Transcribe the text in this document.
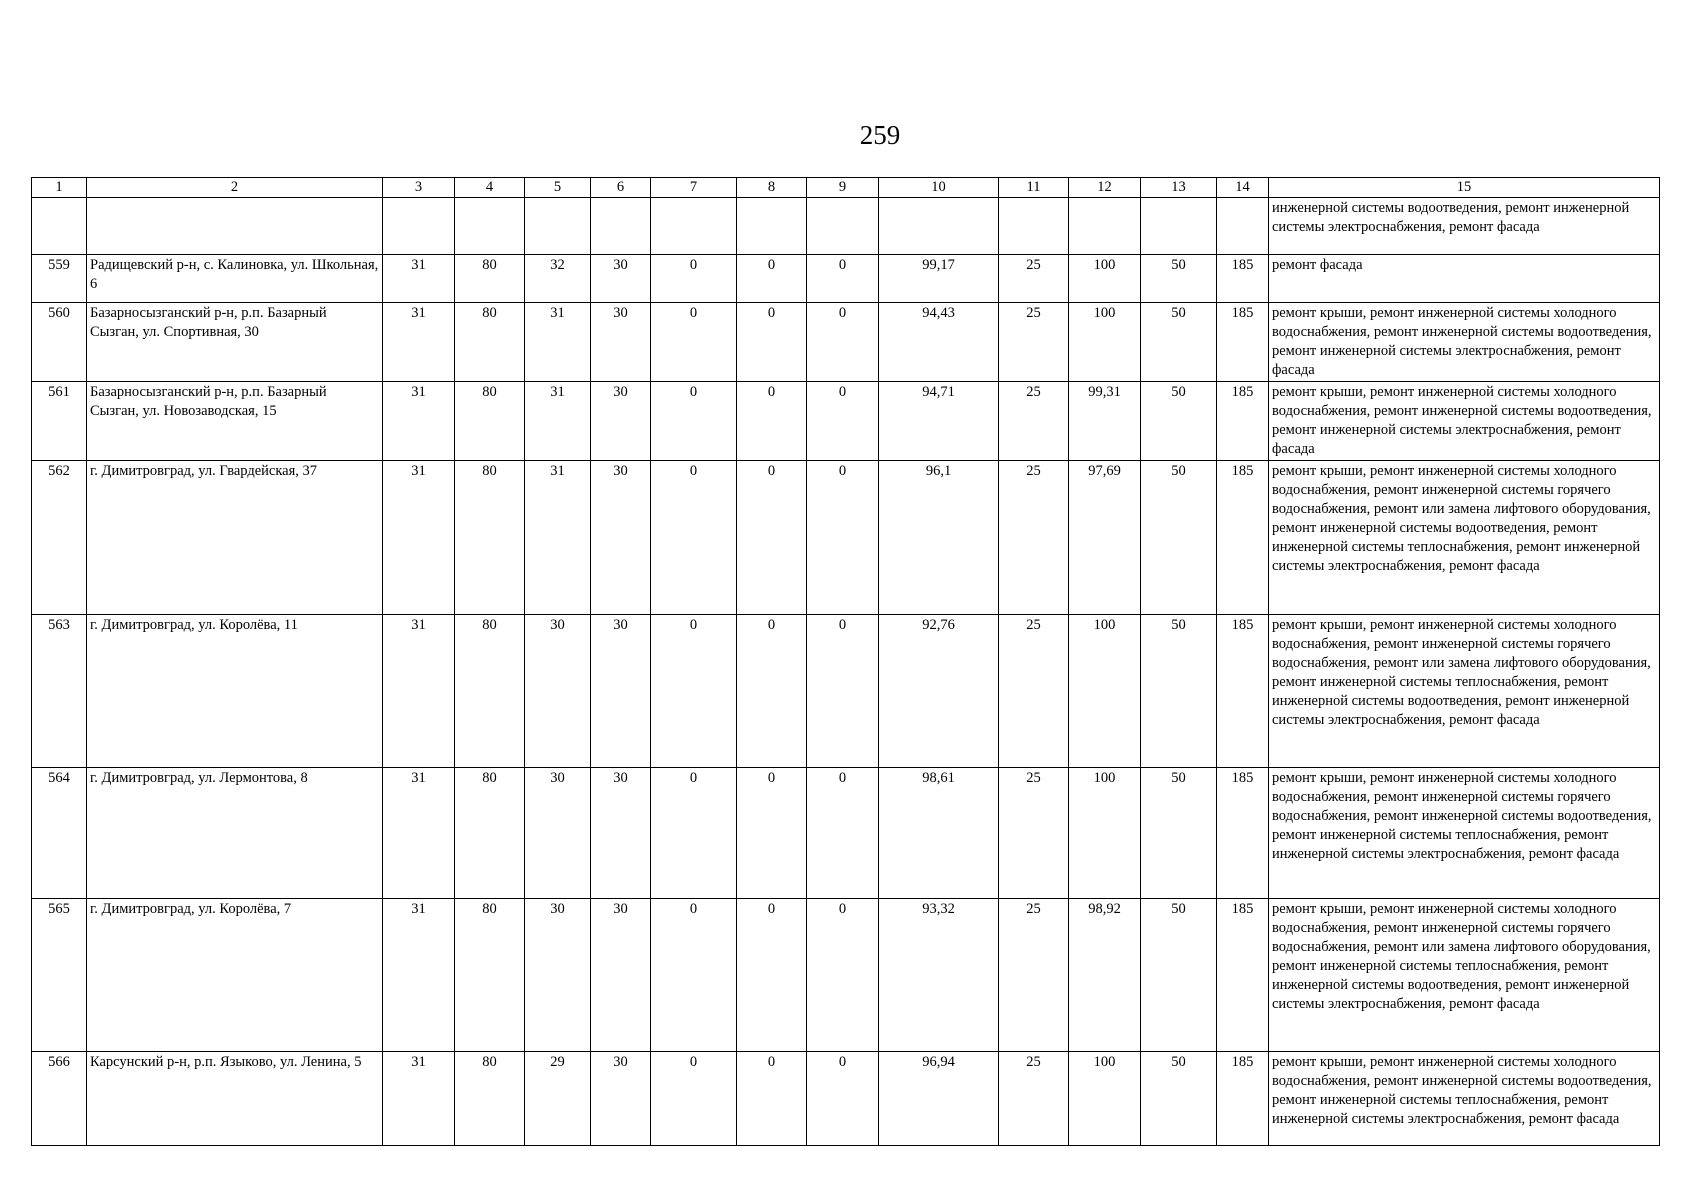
259
1	2	3	4	5	6	7	8	9	10	11	12	13	14	15
														инженерной системы водоотведения, ремонт инженерной системы электроснабжения, ремонт фасада
559	Радищевский р-н, с. Калиновка, ул. Школьная, 6	31	80	32	30	0	0	0	99,17	25	100	50	185	ремонт фасада
560	Базарносызганский р-н, р.п. Базарный Сызган, ул. Спортивная, 30	31	80	31	30	0	0	0	94,43	25	100	50	185	ремонт крыши, ремонт инженерной системы холодного водоснабжения, ремонт инженерной системы водоотведения, ремонт инженерной системы электроснабжения, ремонт фасада
561	Базарносызганский р-н, р.п. Базарный Сызган, ул. Новозаводская, 15	31	80	31	30	0	0	0	94,71	25	99,31	50	185	ремонт крыши, ремонт инженерной системы холодного водоснабжения, ремонт инженерной системы водоотведения, ремонт инженерной системы электроснабжения, ремонт фасада
562	г. Димитровград, ул. Гвардейская, 37	31	80	31	30	0	0	0	96,1	25	97,69	50	185	ремонт крыши, ремонт инженерной системы холодного водоснабжения, ремонт инженерной системы горячего водоснабжения, ремонт или замена лифтового оборудования, ремонт инженерной системы водоотведения, ремонт инженерной системы теплоснабжения, ремонт инженерной системы электроснабжения, ремонт фасада
563	г. Димитровград, ул. Королёва, 11	31	80	30	30	0	0	0	92,76	25	100	50	185	ремонт крыши, ремонт инженерной системы холодного водоснабжения, ремонт инженерной системы горячего водоснабжения, ремонт или замена лифтового оборудования, ремонт инженерной системы теплоснабжения, ремонт инженерной системы водоотведения, ремонт инженерной системы электроснабжения, ремонт фасада
564	г. Димитровград, ул. Лермонтова, 8	31	80	30	30	0	0	0	98,61	25	100	50	185	ремонт крыши, ремонт инженерной системы холодного водоснабжения, ремонт инженерной системы горячего водоснабжения, ремонт инженерной системы водоотведения, ремонт инженерной системы теплоснабжения, ремонт инженерной системы электроснабжения, ремонт фасада
565	г. Димитровград, ул. Королёва, 7	31	80	30	30	0	0	0	93,32	25	98,92	50	185	ремонт крыши, ремонт инженерной системы холодного водоснабжения, ремонт инженерной системы горячего водоснабжения, ремонт или замена лифтового оборудования, ремонт инженерной системы теплоснабжения, ремонт инженерной системы водоотведения, ремонт инженерной системы электроснабжения, ремонт фасада
566	Карсунский р-н, р.п. Языково, ул. Ленина, 5	31	80	29	30	0	0	0	96,94	25	100	50	185	ремонт крыши, ремонт инженерной системы холодного водоснабжения, ремонт инженерной системы водоотведения, ремонт инженерной системы теплоснабжения, ремонт инженерной системы электроснабжения, ремонт фасада
